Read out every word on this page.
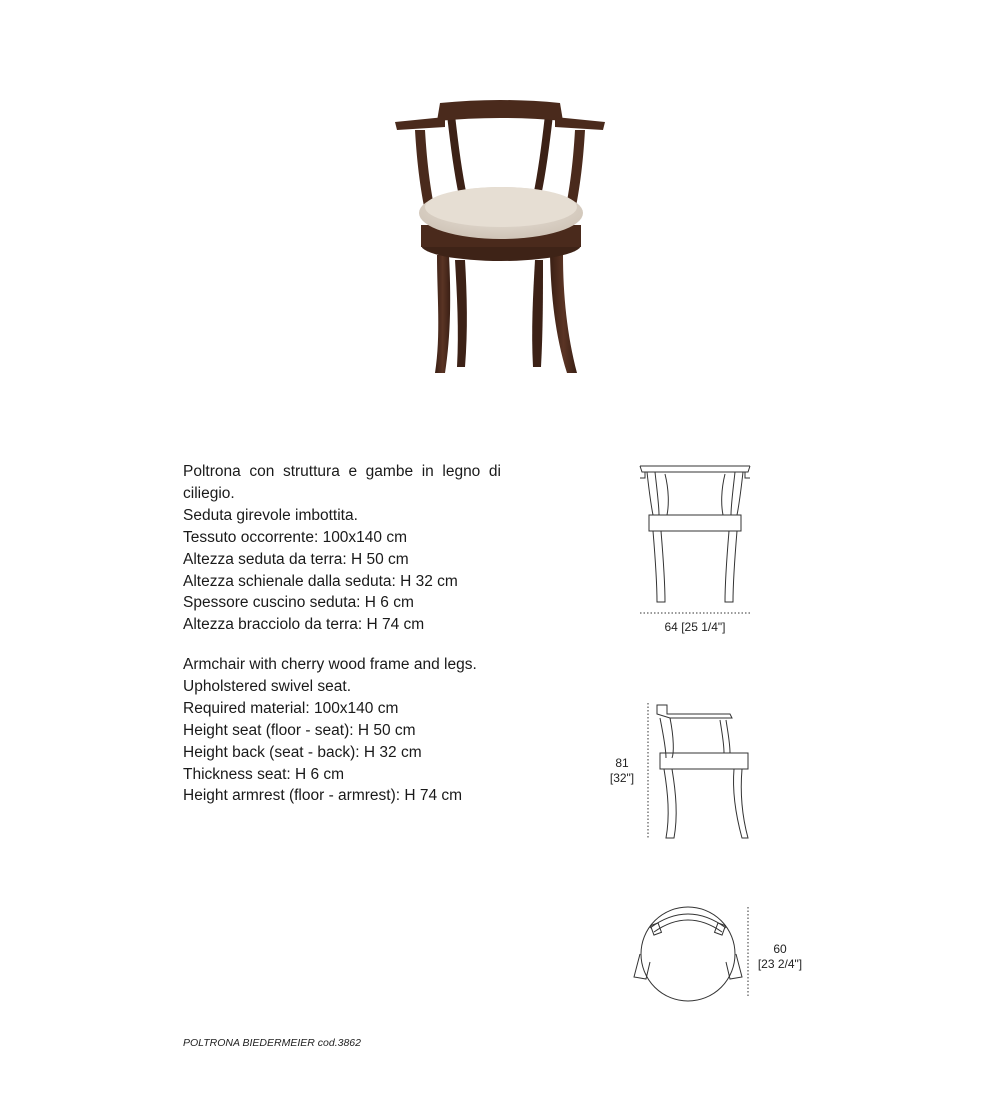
Poltrona con struttura e gambe in legno di ciliegio.

Seduta girevole imbottita.

Tessuto occorrente: 100x140 cm

Altezza seduta da terra: H 50 cm

Altezza schienale dalla seduta: H 32 cm

Spessore cuscino seduta: H 6 cm

Altezza bracciolo da terra: H 74 cm

Armchair with cherry wood frame and legs.

Upholstered swivel seat.

Required material: 100x140 cm

Height seat (floor - seat): H 50 cm

Height back (seat - back): H 32 cm

Thickness seat: H 6 cm

Height armrest (floor - armrest): H 74 cm

64 [25 1/4"]
81
[32"]
60
[23 2/4"]
POLTRONA BIEDERMEIER cod.3862
